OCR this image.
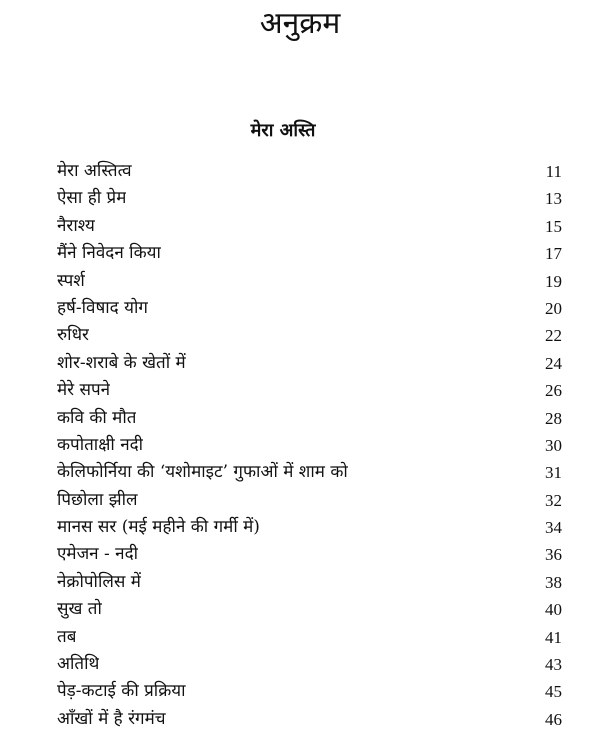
अनुक्रम
मेरा अस्ति
मेरा अस्तित्व	11
ऐसा ही प्रेम	13
नैराश्य	15
मैंने निवेदन किया	17
स्पर्श	19
हर्ष-विषाद योग	20
रुधिर	22
शोर-शराबे के खेतों में	24
मेरे सपने	26
कवि की मौत	28
कपोताक्षी नदी	30
केलिफोर्निया की ‘यशोमाइट’ गुफाओं में शाम को	31
पिछोला झील	32
मानस सर (मई महीने की गर्मी में)	34
एमेजन - नदी	36
नेक्रोपोलिस में	38
सुख तो	40
तब	41
अतिथि	43
पेड़-कटाई की प्रक्रिया	45
आँखों में है रंगमंच	46
